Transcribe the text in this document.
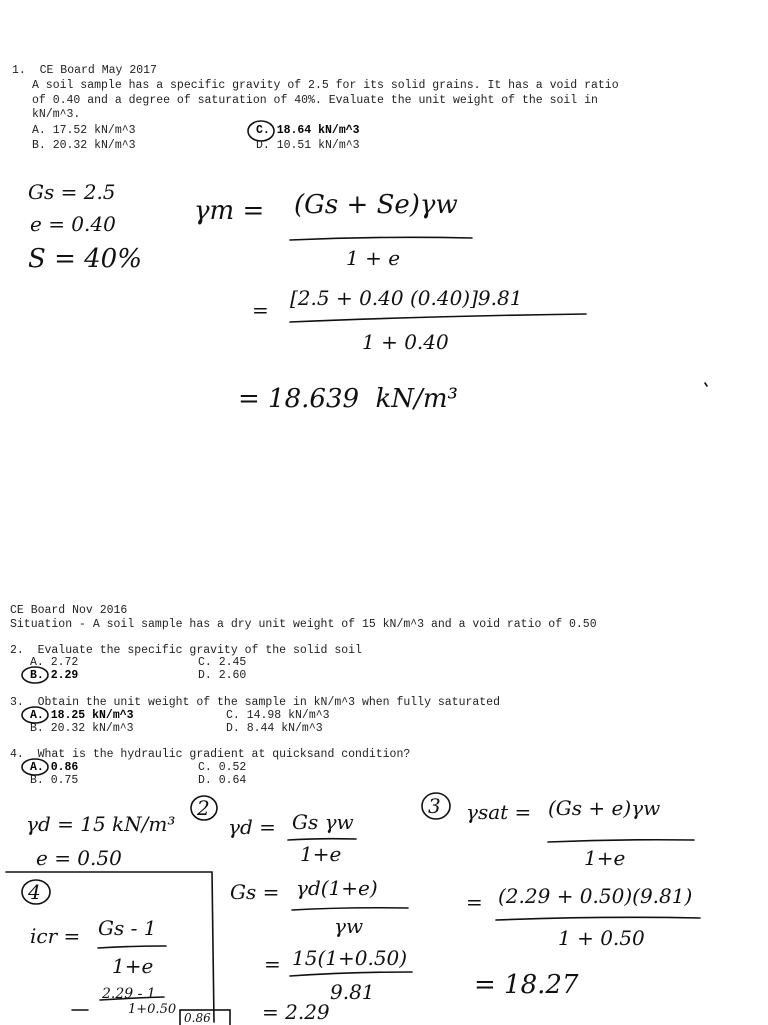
1.  CE Board May 2017
A soil sample has a specific gravity of 2.5 for its solid grains. It has a void ratio
of 0.40 and a degree of saturation of 40%. Evaluate the unit weight of the soil in
kN/m^3.
A. 17.52 kN/m^3
B. 20.32 kN/m^3
C. 18.64 kN/m^3
D. 10.51 kN/m^3
Gs = 2.5
e = 0.40
S = 40%
γm = (Gs + Se)γw
1 + e
= [2.5 + 0.40 (0.40)]9.81
1 + 0.40
= 18.639  kN/m³
CE Board Nov 2016
Situation - A soil sample has a dry unit weight of 15 kN/m^3 and a void ratio of 0.50
2.  Evaluate the specific gravity of the solid soil
A. 2.72
B. 2.29
C. 2.45
D. 2.60
3.  Obtain the unit weight of the sample in kN/m^3 when fully saturated
A. 18.25 kN/m^3
B. 20.32 kN/m^3
C. 14.98 kN/m^3
D. 8.44 kN/m^3
4.  What is the hydraulic gradient at quicksand condition?
A. 0.86
B. 0.75
C. 0.52
D. 0.64
γd = 15 kN/m³
e = 0.50
2
γd = Gs γw
1+e
Gs = γd(1+e)
γw
= 15(1+0.50)
9.81
= 2.29
3 γsat = (Gs + e)γw
1+e
= (2.29 + 0.50)(9.81)
1 + 0.50
= 18.27
4
icr = Gs - 1
1+e
2.29 - 1
1+0.50
0.86
